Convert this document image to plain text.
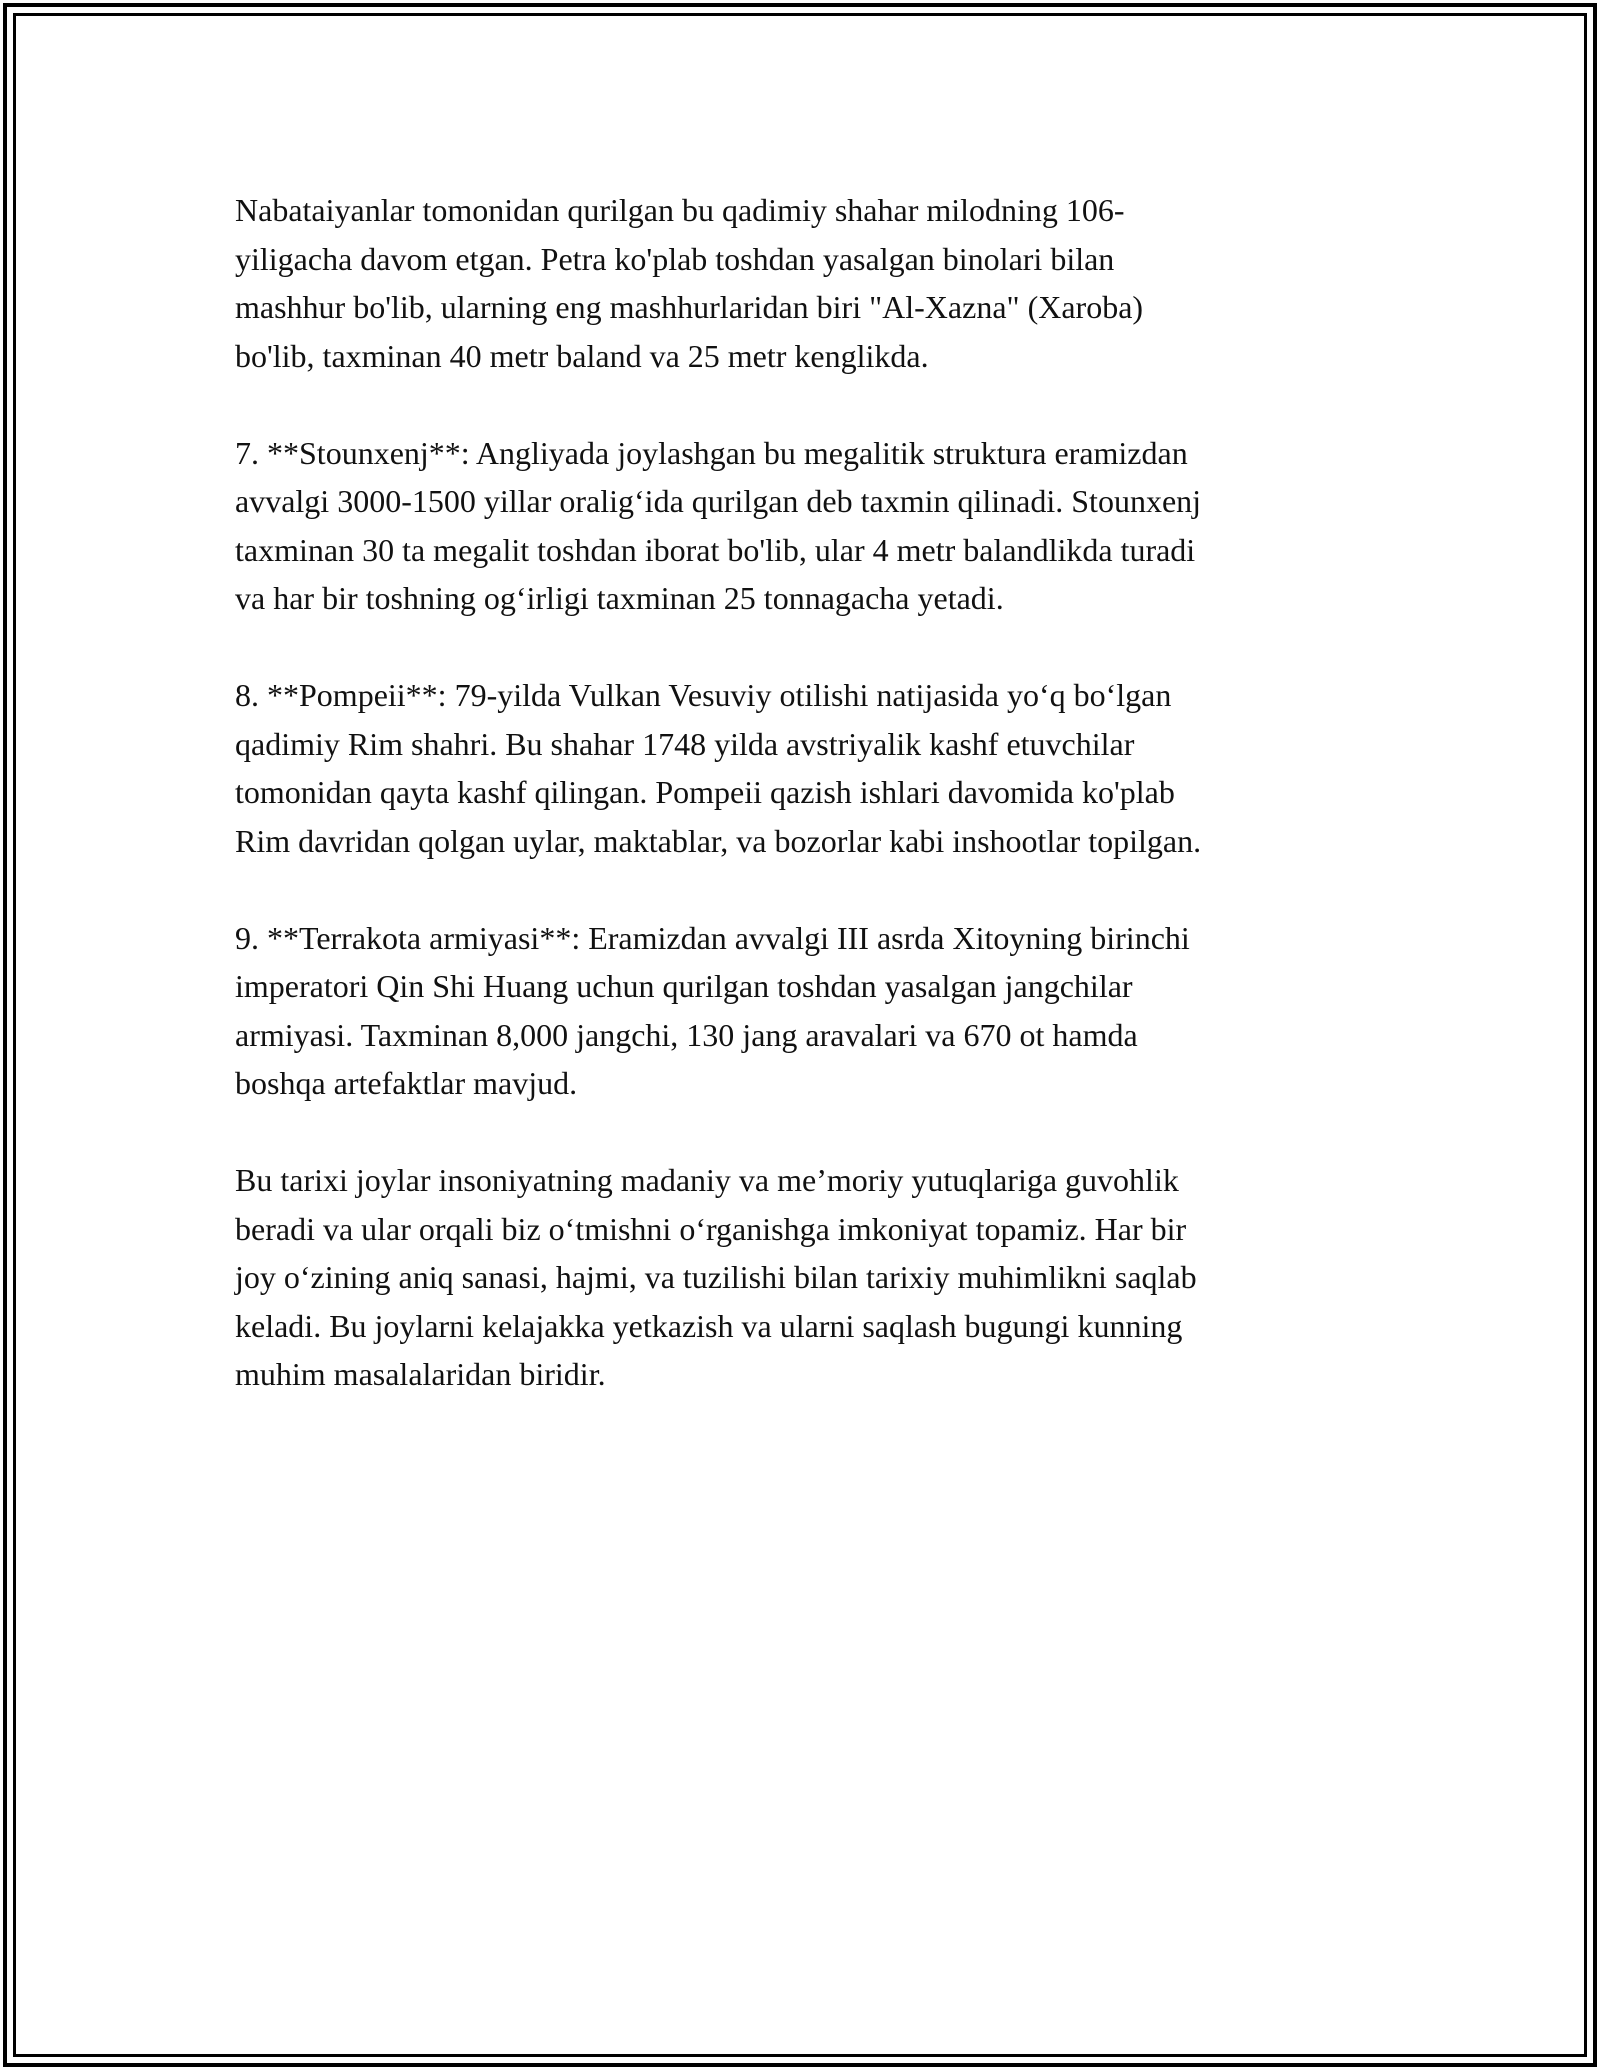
Nabataiyanlar tomonidan qurilgan bu qadimiy shahar milodning 106-
yiligacha davom etgan. Petra ko'plab toshdan yasalgan binolari bilan
mashhur bo'lib, ularning eng mashhurlaridan biri "Al-Xazna" (Xaroba)
bo'lib, taxminan 40 metr baland va 25 metr kenglikda.

7. **Stounxenj**: Angliyada joylashgan bu megalitik struktura eramizdan
avvalgi 3000-1500 yillar oralig‘ida qurilgan deb taxmin qilinadi. Stounxenj
taxminan 30 ta megalit toshdan iborat bo'lib, ular 4 metr balandlikda turadi
va har bir toshning og‘irligi taxminan 25 tonnagacha yetadi.

8. **Pompeii**: 79-yilda Vulkan Vesuviy otilishi natijasida yo‘q bo‘lgan
qadimiy Rim shahri. Bu shahar 1748 yilda avstriyalik kashf etuvchilar
tomonidan qayta kashf qilingan. Pompeii qazish ishlari davomida ko'plab
Rim davridan qolgan uylar, maktablar, va bozorlar kabi inshootlar topilgan.

9. **Terrakota armiyasi**: Eramizdan avvalgi III asrda Xitoyning birinchi
imperatori Qin Shi Huang uchun qurilgan toshdan yasalgan jangchilar
armiyasi. Taxminan 8,000 jangchi, 130 jang aravalari va 670 ot hamda
boshqa artefaktlar mavjud.

Bu tarixi joylar insoniyatning madaniy va me’moriy yutuqlariga guvohlik
beradi va ular orqali biz o‘tmishni o‘rganishga imkoniyat topamiz. Har bir
joy o‘zining aniq sanasi, hajmi, va tuzilishi bilan tarixiy muhimlikni saqlab
keladi. Bu joylarni kelajakka yetkazish va ularni saqlash bugungi kunning
muhim masalalaridan biridir.
